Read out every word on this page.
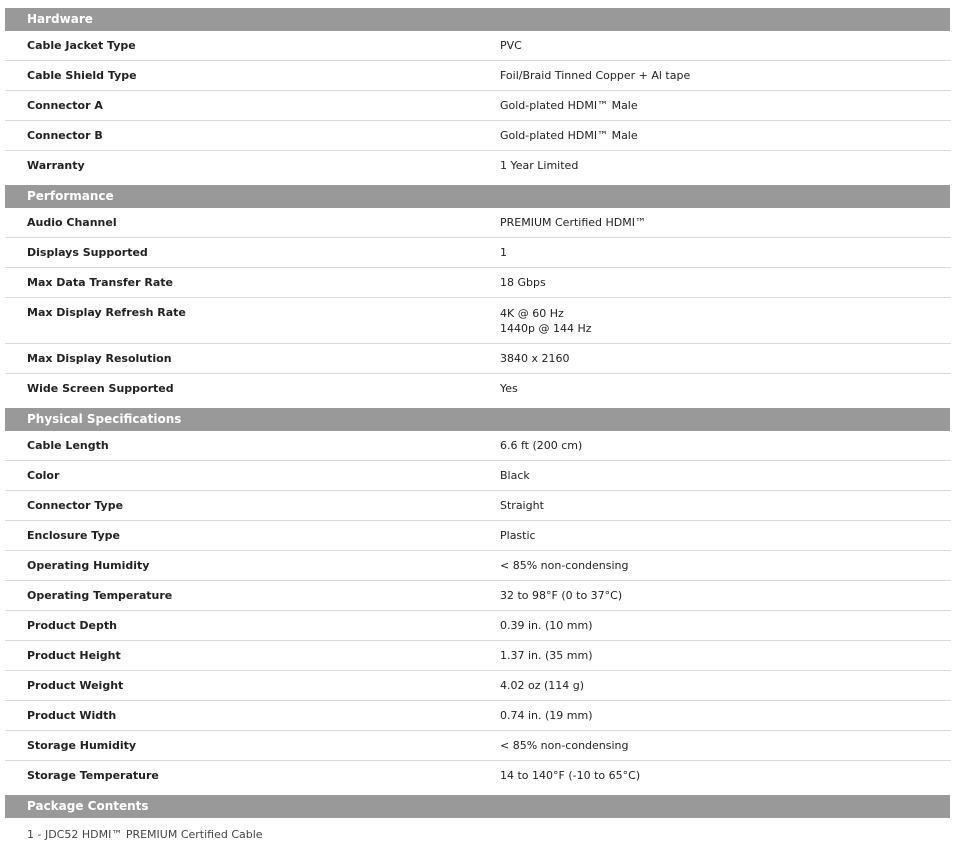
Hardware
Cable Jacket Type	PVC
Cable Shield Type	Foil/Braid Tinned Copper + Al tape
Connector A	Gold-plated HDMI™ Male
Connector B	Gold-plated HDMI™ Male
Warranty	1 Year Limited
Performance
Audio Channel	PREMIUM Certified HDMI™
Displays Supported	1
Max Data Transfer Rate	18 Gbps
Max Display Refresh Rate	4K @ 60 Hz
1440p @ 144 Hz
Max Display Resolution	3840 x 2160
Wide Screen Supported	Yes
Physical Specifications
Cable Length	6.6 ft (200 cm)
Color	Black
Connector Type	Straight
Enclosure Type	Plastic
Operating Humidity	< 85% non-condensing
Operating Temperature	32 to 98°F (0 to 37°C)
Product Depth	0.39 in. (10 mm)
Product Height	1.37 in. (35 mm)
Product Weight	4.02 oz (114 g)
Product Width	0.74 in. (19 mm)
Storage Humidity	< 85% non-condensing
Storage Temperature	14 to 140°F (-10 to 65°C)
Package Contents
1 - JDC52 HDMI™ PREMIUM Certified Cable
